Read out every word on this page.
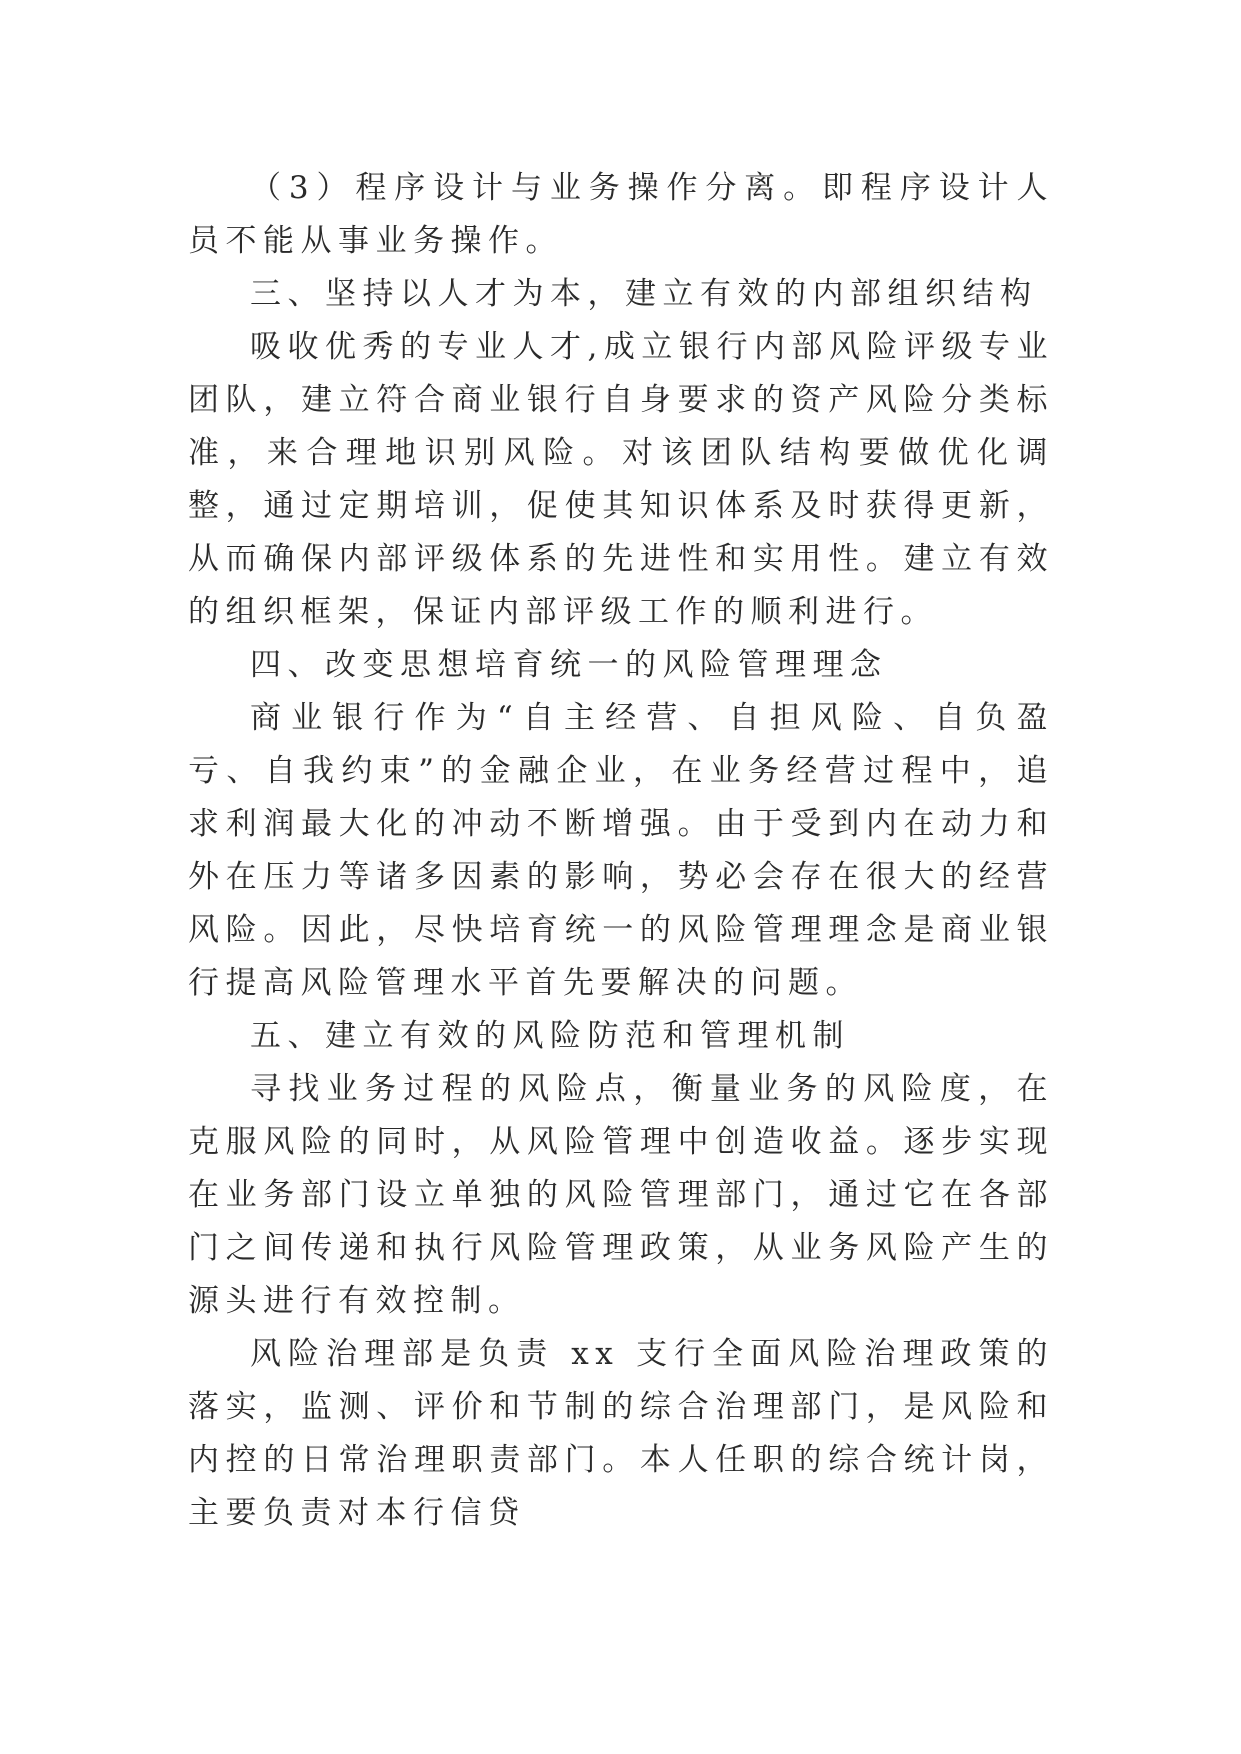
（3）程序设计与业务操作分离。即程序设计人员不能从事业务操作。

三、坚持以人才为本，建立有效的内部组织结构

吸收优秀的专业人才,成立银行内部风险评级专业团队，建立符合商业银行自身要求的资产风险分类标准，来合理地识别风险。对该团队结构要做优化调整，通过定期培训，促使其知识体系及时获得更新，从而确保内部评级体系的先进性和实用性。建立有效的组织框架，保证内部评级工作的顺利进行。

四、改变思想培育统一的风险管理理念

商业银行作为“自主经营、自担风险、自负盈亏、自我约束”的金融企业，在业务经营过程中，追求利润最大化的冲动不断增强。由于受到内在动力和外在压力等诸多因素的影响，势必会存在很大的经营风险。因此，尽快培育统一的风险管理理念是商业银行提高风险管理水平首先要解决的问题。

五、建立有效的风险防范和管理机制

寻找业务过程的风险点，衡量业务的风险度，在克服风险的同时，从风险管理中创造收益。逐步实现在业务部门设立单独的风险管理部门，通过它在各部门之间传递和执行风险管理政策，从业务风险产生的源头进行有效控制。

风险治理部是负责 xx 支行全面风险治理政策的落实，监测、评价和节制的综合治理部门，是风险和内控的日常治理职责部门。本人任职的综合统计岗，主要负责对本行信贷
